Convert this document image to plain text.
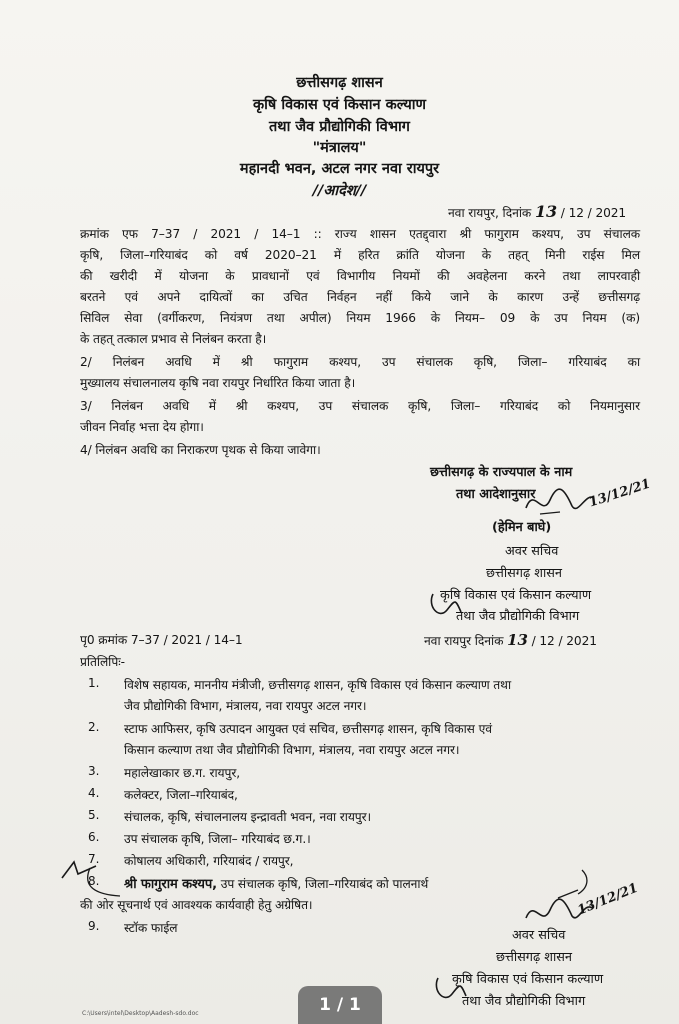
छत्तीसगढ़ शासन
कृषि विकास एवं किसान कल्याण
तथा जैव प्रौद्योगिकी विभाग
"मंत्रालय"
महानदी भवन, अटल नगर नवा रायपुर
//आदेश//
नवा रायपुर, दिनांक 13 / 12 / 2021
क्रमांक एफ 7–37 / 2021 / 14–1 :: राज्य शासन एतद्द्वारा श्री फागुराम कश्यप, उप संचालक
कृषि, जिला–गरियाबंद को वर्ष 2020–21 में हरित क्रांति योजना के तहत् मिनी राईस मिल
की खरीदी में योजना के प्रावधानों एवं विभागीय नियमों की अवहेलना करने तथा लापरवाही
बरतने एवं अपने दायित्वों का उचित निर्वहन नहीं किये जाने के कारण उन्हें छत्तीसगढ़
सिविल सेवा (वर्गीकरण, नियंत्रण तथा अपील) नियम 1966 के नियम– 09 के उप नियम (क)
के तहत् तत्काल प्रभाव से निलंबन करता है।
2/ निलंबन अवधि में श्री फागुराम कश्यप, उप संचालक कृषि, जिला– गरियाबंद का
मुख्यालय संचालनालय कृषि नवा रायपुर निर्धारित किया जाता है।
3/ निलंबन अवधि में श्री कश्यप, उप संचालक कृषि, जिला– गरियाबंद को नियमानुसार
जीवन निर्वाह भत्ता देय होगा।
4/ निलंबन अवधि का निराकरण पृथक से किया जावेगा।
छत्तीसगढ़ के राज्यपाल के नाम
तथा आदेशानुसार	13/12/21
(हेमिन बाघे)
अवर सचिव
छत्तीसगढ़ शासन
कृषि विकास एवं किसान कल्याण
तथा जैव प्रौद्योगिकी विभाग
पृ0 क्रमांक 7–37 / 2021 / 14–1	नवा रायपुर दिनांक 13 / 12 / 2021
प्रतिलिपिः-
1. विशेष सहायक, माननीय मंत्रीजी, छत्तीसगढ़ शासन, कृषि विकास एवं किसान कल्याण तथा
जैव प्रौद्योगिकी विभाग, मंत्रालय, नवा रायपुर अटल नगर।
2. स्टाफ आफिसर, कृषि उत्पादन आयुक्त एवं सचिव, छत्तीसगढ़ शासन, कृषि विकास एवं
किसान कल्याण तथा जैव प्रौद्योगिकी विभाग, मंत्रालय, नवा रायपुर अटल नगर।
3. महालेखाकार छ.ग. रायपुर,
4. कलेक्टर, जिला–गरियाबंद,
5. संचालक, कृषि, संचालनालय इन्द्रावती भवन, नवा रायपुर।
6. उप संचालक कृषि, जिला– गरियाबंद छ.ग.।
7. कोषालय अधिकारी, गरियाबंद / रायपुर,
8. श्री फागुराम कश्यप, उप संचालक कृषि, जिला–गरियाबंद को पालनार्थ
की ओर सूचनार्थ एवं आवश्यक कार्यवाही हेतु अग्रेषित।
9. स्टॉक फाईल
13/12/21
अवर सचिव
छत्तीसगढ़ शासन
कृषि विकास एवं किसान कल्याण
तथा जैव प्रौद्योगिकी विभाग
C:\Users\intel\Desktop\Aadesh-sdo.doc	1 / 1
